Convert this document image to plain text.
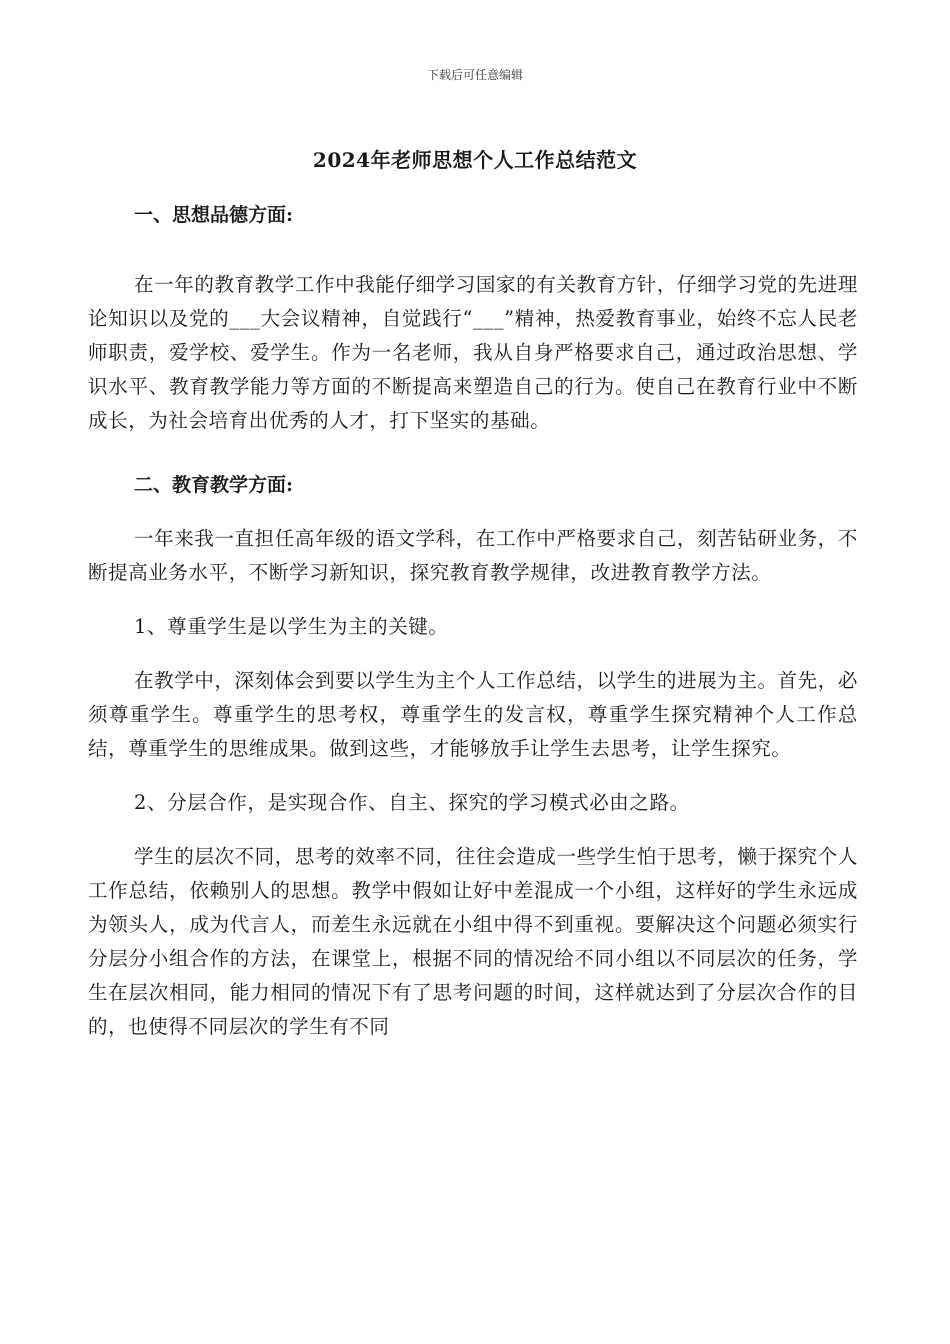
下载后可任意编辑
2024年老师思想个人工作总结范文

一、思想品德方面:

在一年的教育教学工作中我能仔细学习国家的有关教育方针，仔细学习党的先进理论知识以及党的___大会议精神，自觉践行“___”精神，热爱教育事业，始终不忘人民老师职责，爱学校、爱学生。作为一名老师，我从自身严格要求自己，通过政治思想、学识水平、教育教学能力等方面的不断提高来塑造自己的行为。使自己在教育行业中不断成长，为社会培育出优秀的人才，打下坚实的基础。

二、教育教学方面:

一年来我一直担任高年级的语文学科，在工作中严格要求自己，刻苦钻研业务，不断提高业务水平，不断学习新知识，探究教育教学规律，改进教育教学方法。

1、尊重学生是以学生为主的关键。

在教学中，深刻体会到要以学生为主个人工作总结，以学生的进展为主。首先，必须尊重学生。尊重学生的思考权，尊重学生的发言权，尊重学生探究精神个人工作总结，尊重学生的思维成果。做到这些，才能够放手让学生去思考，让学生探究。

2、分层合作，是实现合作、自主、探究的学习模式必由之路。

学生的层次不同，思考的效率不同，往往会造成一些学生怕于思考，懒于探究个人工作总结，依赖别人的思想。教学中假如让好中差混成一个小组，这样好的学生永远成为领头人，成为代言人，而差生永远就在小组中得不到重视。要解决这个问题必须实行分层分小组合作的方法，在课堂上，根据不同的情况给不同小组以不同层次的任务，学生在层次相同，能力相同的情况下有了思考问题的时间，这样就达到了分层次合作的目的，也使得不同层次的学生有不同
